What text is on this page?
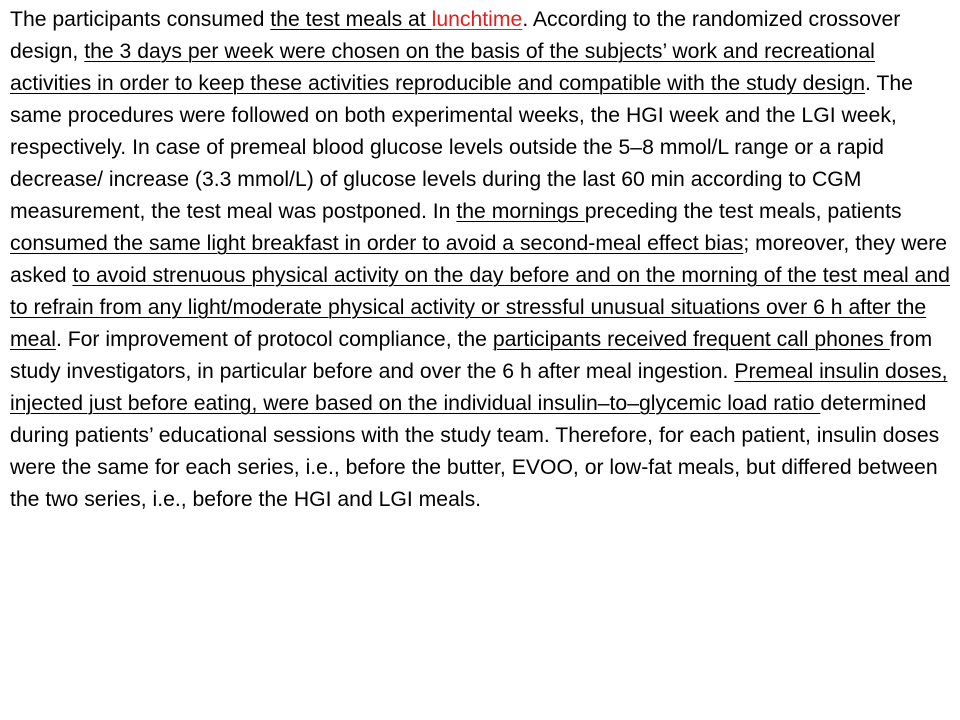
The participants consumed the test meals at lunchtime. According to the randomized crossover design, the 3 days per week were chosen on the basis of the subjects’ work and recreational activities in order to keep these activities reproducible and compatible with the study design. The same procedures were followed on both experimental weeks, the HGI week and the LGI week, respectively. In case of premeal blood glucose levels outside the 5–8 mmol/L range or a rapid decrease/ increase (3.3 mmol/L) of glucose levels during the last 60 min according to CGM measurement, the test meal was postponed. In the mornings preceding the test meals, patients consumed the same light breakfast in order to avoid a second-meal effect bias; moreover, they were asked to avoid strenuous physical activity on the day before and on the morning of the test meal and to refrain from any light/moderate physical activity or stressful unusual situations over 6 h after the meal. For improvement of protocol compliance, the participants received frequent call phones from study investigators, in particular before and over the 6 h after meal ingestion. Premeal insulin doses, injected just before eating, were based on the individual insulin–to–glycemic load ratio determined during patients’ educational sessions with the study team. Therefore, for each patient, insulin doses were the same for each series, i.e., before the butter, EVOO, or low-fat meals, but differed between the two series, i.e., before the HGI and LGI meals.
